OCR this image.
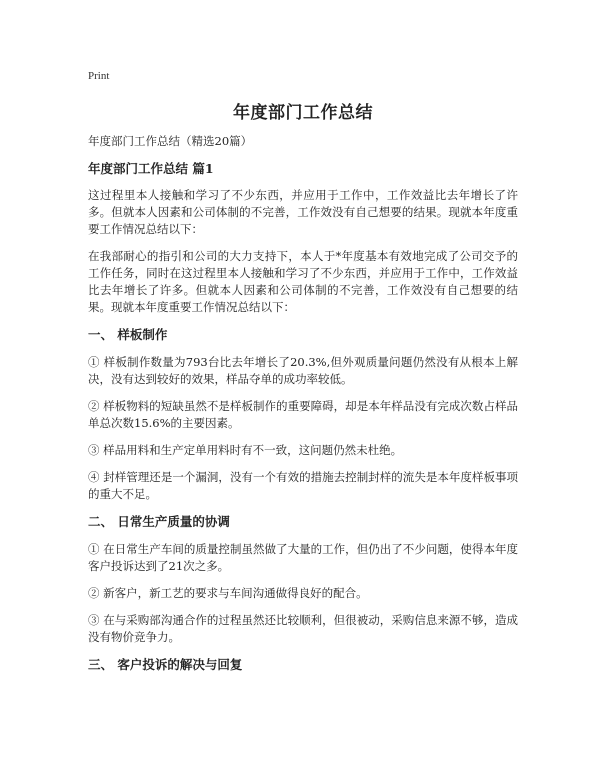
Print
年度部门工作总结
年度部门工作总结（精选20篇）
年度部门工作总结 篇1

这过程里本人接触和学习了不少东西，并应用于工作中，工作效益比去年增长了许多。但就本人因素和公司体制的不完善，工作效没有自己想要的结果。现就本年度重要工作情况总结以下：

在我部耐心的指引和公司的大力支持下，本人于*年度基本有效地完成了公司交予的工作任务，同时在这过程里本人接触和学习了不少东西，并应用于工作中，工作效益比去年增长了许多。但就本人因素和公司体制的不完善，工作效没有自己想要的结果。现就本年度重要工作情况总结以下：

一、 样板制作

① 样板制作数量为793台比去年增长了20.3%,但外观质量问题仍然没有从根本上解决，没有达到较好的效果，样品夺单的成功率较低。

② 样板物料的短缺虽然不是样板制作的重要障碍，却是本年样品没有完成次数占样品单总次数15.6%的主要因素。

③ 样品用料和生产定单用料时有不一致，这问题仍然未杜绝。

④ 封样管理还是一个漏洞，没有一个有效的措施去控制封样的流失是本年度样板事项的重大不足。

二、 日常生产质量的协调

① 在日常生产车间的质量控制虽然做了大量的工作，但仍出了不少问题，使得本年度客户投诉达到了21次之多。

② 新客户，新工艺的要求与车间沟通做得良好的配合。

③ 在与采购部沟通合作的过程虽然还比较顺利，但很被动，采购信息来源不够，造成没有物价竞争力。

三、 客户投诉的解决与回复
